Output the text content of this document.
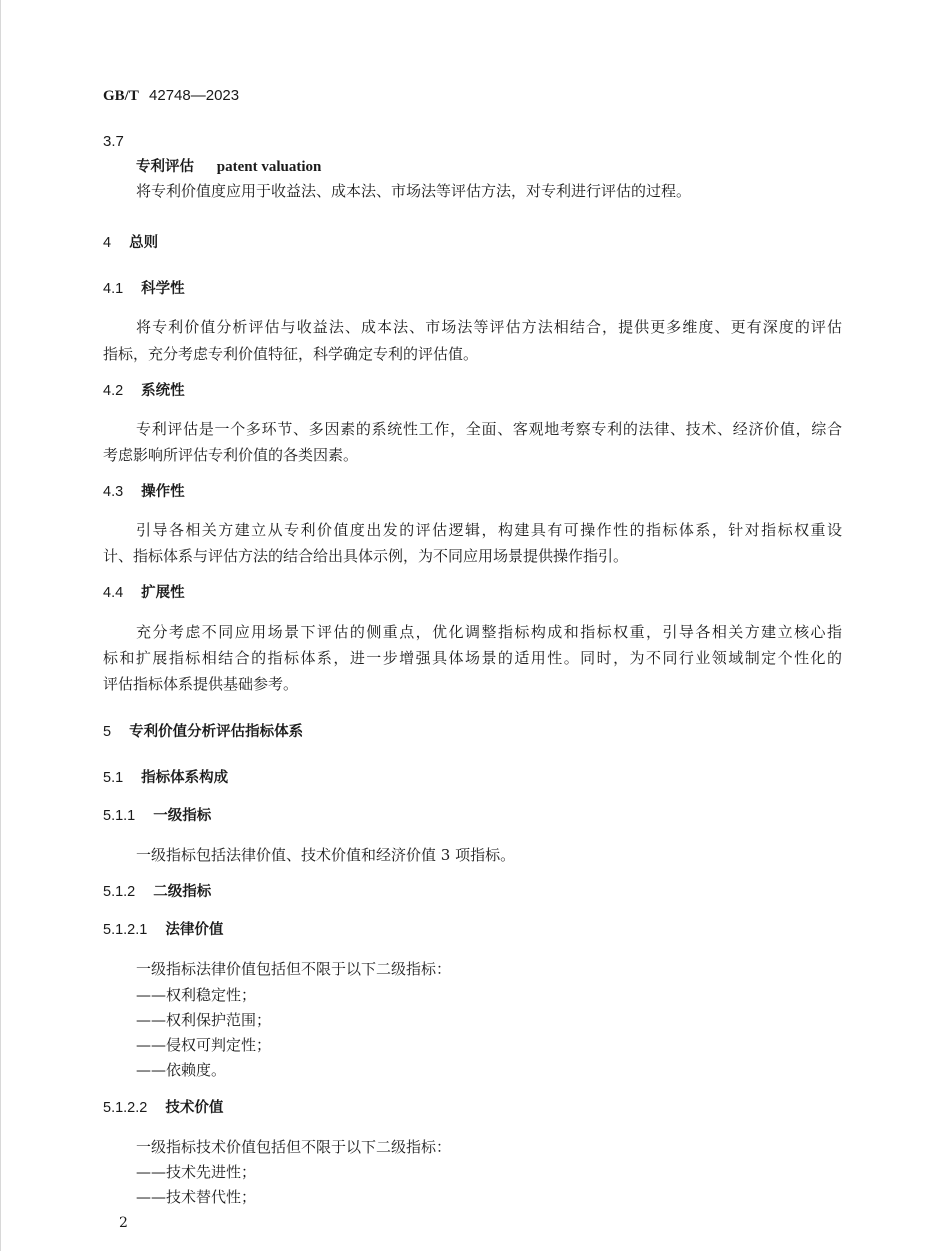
GB/T 42748—2023
3.7
专利评估 patent valuation
将专利价值度应用于收益法、成本法、市场法等评估方法，对专利进行评估的过程。
4 总则
4.1 科学性
将专利价值分析评估与收益法、成本法、市场法等评估方法相结合，提供更多维度、更有深度的评估
指标，充分考虑专利价值特征，科学确定专利的评估值。
4.2 系统性
专利评估是一个多环节、多因素的系统性工作，全面、客观地考察专利的法律、技术、经济价值，综合
考虑影响所评估专利价值的各类因素。
4.3 操作性
引导各相关方建立从专利价值度出发的评估逻辑，构建具有可操作性的指标体系，针对指标权重设
计、指标体系与评估方法的结合给出具体示例，为不同应用场景提供操作指引。
4.4 扩展性
充分考虑不同应用场景下评估的侧重点，优化调整指标构成和指标权重，引导各相关方建立核心指
标和扩展指标相结合的指标体系，进一步增强具体场景的适用性。同时，为不同行业领域制定个性化的
评估指标体系提供基础参考。
5 专利价值分析评估指标体系
5.1 指标体系构成
5.1.1 一级指标
一级指标包括法律价值、技术价值和经济价值 3 项指标。
5.1.2 二级指标
5.1.2.1 法律价值
一级指标法律价值包括但不限于以下二级指标：
——权利稳定性；
——权利保护范围；
——侵权可判定性；
——依赖度。
5.1.2.2 技术价值
一级指标技术价值包括但不限于以下二级指标：
——技术先进性；
——技术替代性；
2
